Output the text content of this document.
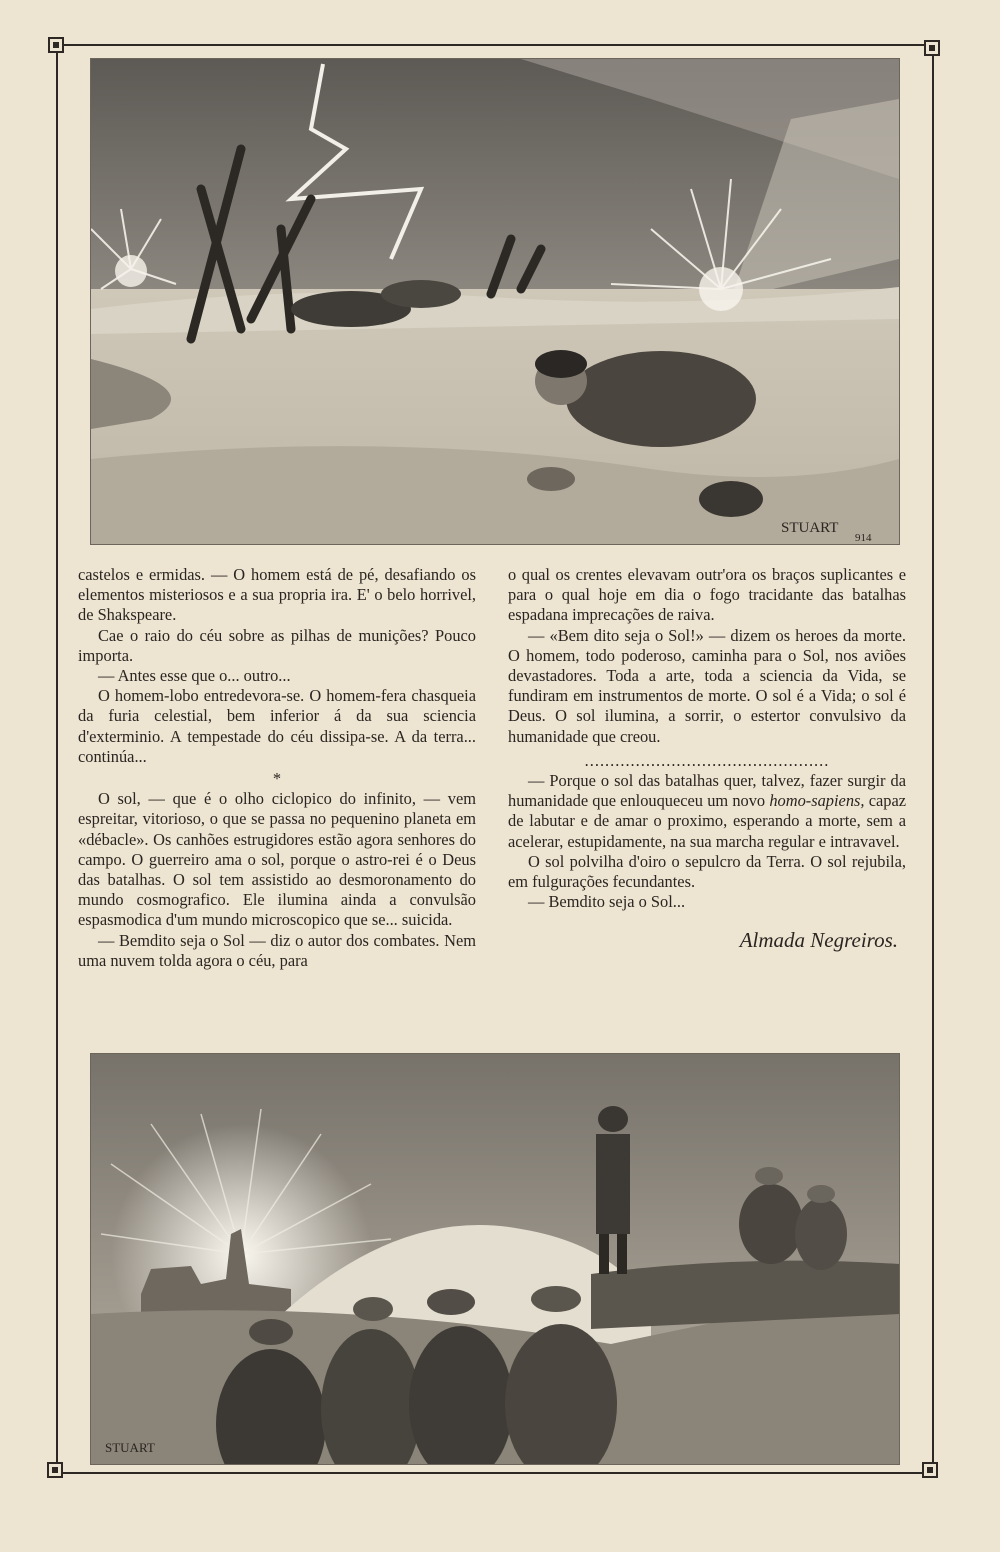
STUART
914

castelos e ermidas. — O homem está de pé, desafiando os elementos misteriosos e a sua propria ira. E' o belo horrivel, de Shakspeare.

Cae o raio do céu sobre as pilhas de munições? Pouco importa.

— Antes esse que o... outro...

O homem-lobo entredevora-se. O homem-fera chasqueia da furia celestial, bem inferior á da sua sciencia d'exterminio. A tempestade do céu dissipa-se. A da terra... continúa...

*

O sol, — que é o olho ciclopico do infinito, — vem espreitar, vitorioso, o que se passa no pequenino planeta em «débacle». Os canhões estrugidores estão agora senhores do campo. O guerreiro ama o sol, porque o astro-rei é o Deus das batalhas. O sol tem assistido ao desmoronamento do mundo cosmografico. Ele ilumina ainda a convulsão espasmodica d'um mundo microscopico que se... suicida.

— Bemdito seja o Sol — diz o autor dos combates. Nem uma nuvem tolda agora o céu, para

o qual os crentes elevavam outr'ora os braços suplicantes e para o qual hoje em dia o fogo tracidante das batalhas espadana imprecações de raiva.

— «Bem dito seja o Sol!» — dizem os heroes da morte. O homem, todo poderoso, caminha para o Sol, nos aviões devastadores. Toda a arte, toda a sciencia da Vida, se fundiram em instrumentos de morte. O sol é a Vida; o sol é Deus. O sol ilumina, a sorrir, o estertor convulsivo da humanidade que creou.

................................................

— Porque o sol das batalhas quer, talvez, fazer surgir da humanidade que enlouqueceu um novo homo-sapiens, capaz de labutar e de amar o proximo, esperando a morte, sem a acelerar, estupidamente, na sua marcha regular e intravavel.

O sol polvilha d'oiro o sepulcro da Terra. O sol rejubila, em fulgurações fecundantes.

— Bemdito seja o Sol...

Almada Negreiros.

STUART
